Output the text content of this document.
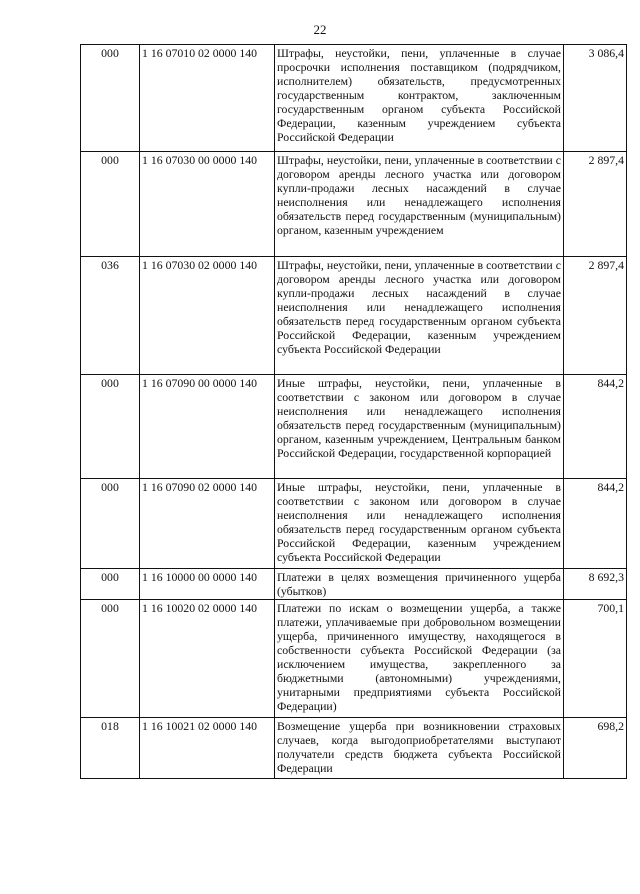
22
000	1 16 07010 02 0000 140	Штрафы, неустойки, пени, уплаченные в случае просрочки исполнения поставщиком (подрядчиком, исполнителем) обязательств, предусмотренных государственным контрактом, заключенным государственным органом субъекта Российской Федерации, казенным учреждением субъекта Российской Федерации	3 086,4
000	1 16 07030 00 0000 140	Штрафы, неустойки, пени, уплаченные в соответствии с договором аренды лесного участка или договором купли-продажи лесных насаждений в случае неисполнения или ненадлежащего исполнения обязательств перед государственным (муниципальным) органом, казенным учреждением	2 897,4
036	1 16 07030 02 0000 140	Штрафы, неустойки, пени, уплаченные в соответствии с договором аренды лесного участка или договором купли-продажи лесных насаждений в случае неисполнения или ненадлежащего исполнения обязательств перед государственным органом субъекта Российской Федерации, казенным учреждением субъекта Российской Федерации	2 897,4
000	1 16 07090 00 0000 140	Иные штрафы, неустойки, пени, уплаченные в соответствии с законом или договором в случае неисполнения или ненадлежащего исполнения обязательств перед государственным (муниципальным) органом, казенным учреждением, Центральным банком Российской Федерации, государственной корпорацией	844,2
000	1 16 07090 02 0000 140	Иные штрафы, неустойки, пени, уплаченные в соответствии с законом или договором в случае неисполнения или ненадлежащего исполнения обязательств перед государственным органом субъекта Российской Федерации, казенным учреждением субъекта Российской Федерации	844,2
000	1 16 10000 00 0000 140	Платежи в целях возмещения причиненного ущерба (убытков)	8 692,3
000	1 16 10020 02 0000 140	Платежи по искам о возмещении ущерба, а также платежи, уплачиваемые при добровольном возмещении ущерба, причиненного имуществу, находящегося в собственности субъекта Российской Федерации (за исключением имущества, закрепленного за бюджетными (автономными) учреждениями, унитарными предприятиями субъекта Российской Федерации)	700,1
018	1 16 10021 02 0000 140	Возмещение ущерба при возникновении страховых случаев, когда выгодоприобретателями выступают получатели средств бюджета субъекта Российской Федерации	698,2
